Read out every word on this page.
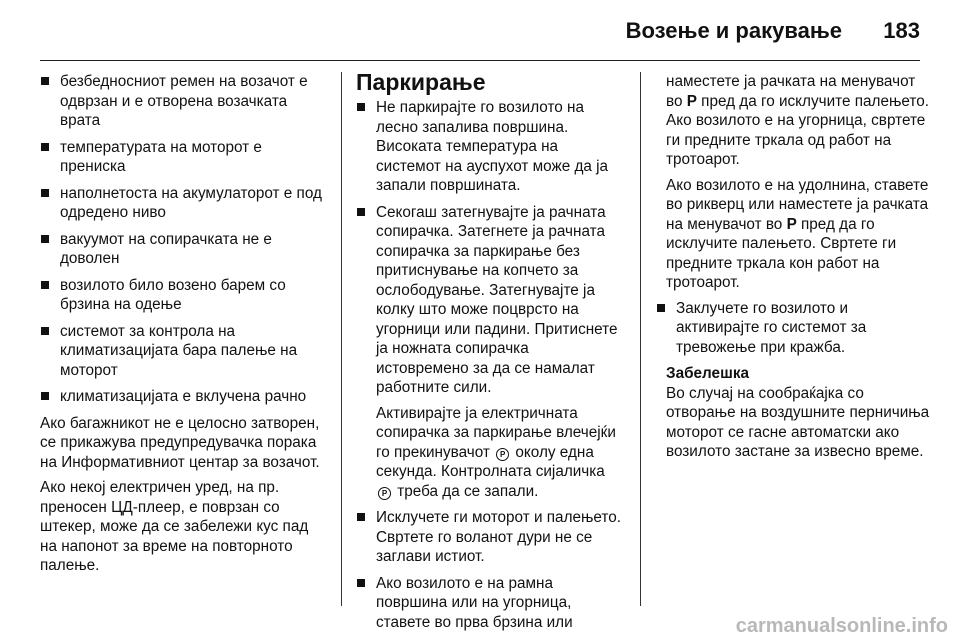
Возење и ракување 183
безбедносниот ремен на возачот е одврзан и е отворена возачката врата
температурата на моторот е прениска
наполнетоста на акумулаторот е под одредено ниво
вакуумот на сопирачката не е доволен
возилото било возено барем со брзина на одење
системот за контрола на климатизацијата бара палење на моторот
климатизацијата е вклучена рачно

Ако багажникот не е целосно затворен, се прикажува предупредувачка порака на Информативниот центар за возачот.

Ако некој електричен уред, на пр. преносен ЦД-плеер, е поврзан со штекер, може да се забележи кус пад на напонот за време на повторното палење.

Паркирање

Не паркирајте го возилото на лесно запалива површина. Високата температура на системот на ауспухот може да ја запали површината.

Секогаш затегнувајте ја рачната сопирачка. Затегнете ја рачната сопирачка за паркирање без притиснување на копчето за ослободување. Затегнувајте ја колку што може поцврсто на угорници или падини. Притиснете ја ножната сопирачка истовремено за да се намалат работните сили.

Активирајте ја електричната сопирачка за паркирање влечејќи го прекинувачот P околу една секунда. Контролната сијаличка P треба да се запали.

Исклучете ги моторот и палењето. Свртете го воланот дури не се заглави истиот.

Ако возилото е на рамна површина или на угорница, ставете во прва брзина или

наместете ја рачката на менувачот во P пред да го исклучите палењето. Ако возилото е на угорница, свртете ги предните тркала од работ на тротоарот.

Ако возилото е на удолнина, ставете во рикверц или наместете ја рачката на менувачот во P пред да го исклучите палењето. Свртете ги предните тркала кон работ на тротоарот.

Заклучете го возилото и активирајте го системот за тревожење при кражба.

Забелешка

Во случај на сообраќајка со отворање на воздушните перничиња моторот се гасне автоматски ако возилото застане за извесно време.

carmanualsonline.info
